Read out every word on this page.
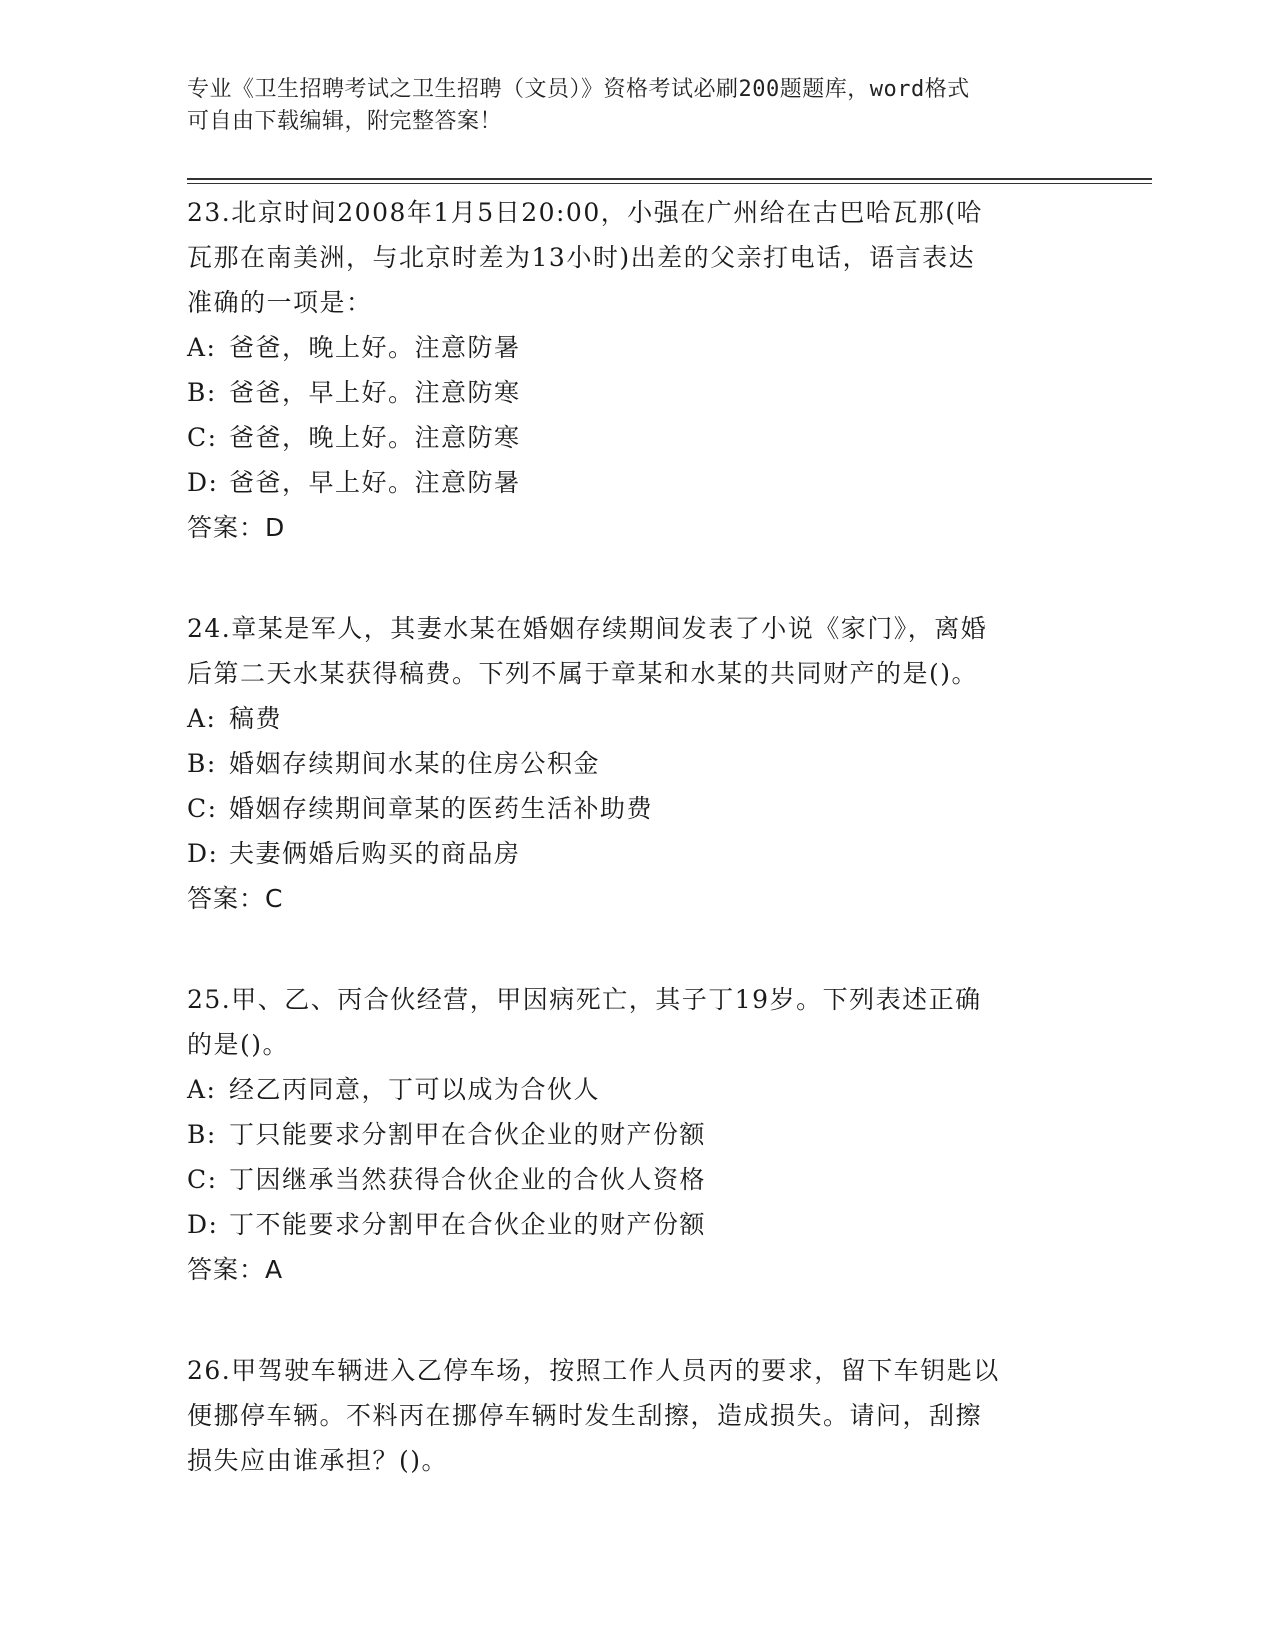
专业《卫生招聘考试之卫生招聘（文员）》资格考试必刷200题题库，word格式
可自由下载编辑，附完整答案！
23.北京时间2008年1月5日20:00，小强在广州给在古巴哈瓦那(哈
瓦那在南美洲，与北京时差为13小时)出差的父亲打电话，语言表达
准确的一项是：
A: 爸爸，晚上好。注意防暑
B: 爸爸，早上好。注意防寒
C: 爸爸，晚上好。注意防寒
D: 爸爸，早上好。注意防暑
答案：D
24.章某是军人，其妻水某在婚姻存续期间发表了小说《家门》，离婚
后第二天水某获得稿费。下列不属于章某和水某的共同财产的是()。
A: 稿费
B: 婚姻存续期间水某的住房公积金
C: 婚姻存续期间章某的医药生活补助费
D: 夫妻俩婚后购买的商品房
答案：C
25.甲、乙、丙合伙经营，甲因病死亡，其子丁19岁。下列表述正确
的是()。
A: 经乙丙同意，丁可以成为合伙人
B: 丁只能要求分割甲在合伙企业的财产份额
C: 丁因继承当然获得合伙企业的合伙人资格
D: 丁不能要求分割甲在合伙企业的财产份额
答案：A
26.甲驾驶车辆进入乙停车场，按照工作人员丙的要求，留下车钥匙以
便挪停车辆。不料丙在挪停车辆时发生刮擦，造成损失。请问，刮擦
损失应由谁承担？()。
